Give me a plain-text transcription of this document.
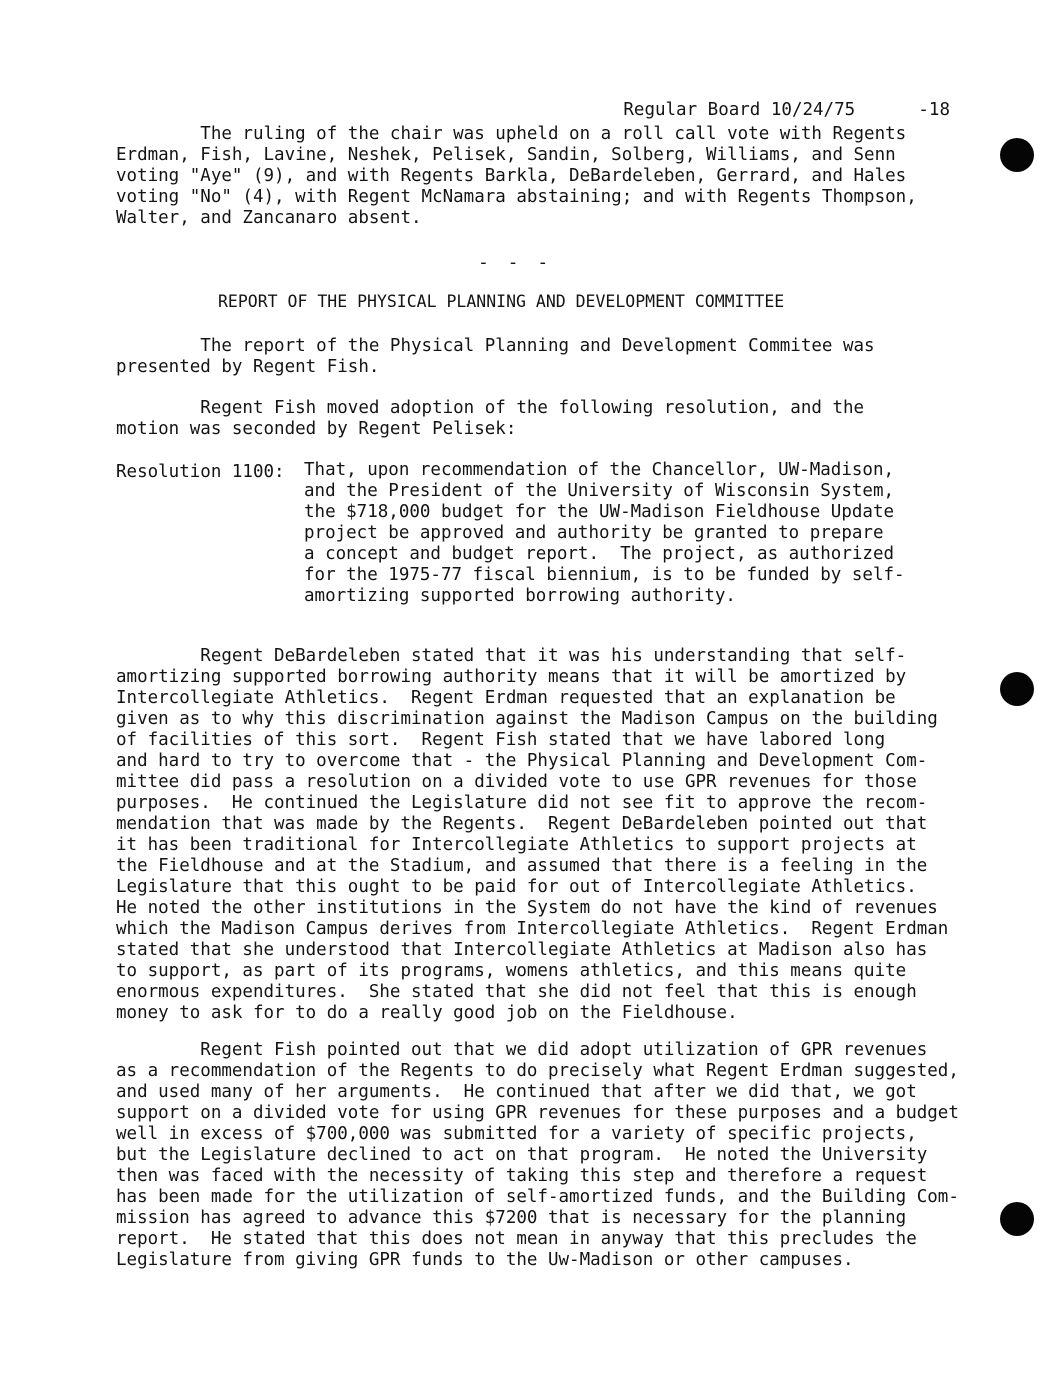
Regular Board 10/24/75	-18

The ruling of the chair was upheld on a roll call vote with Regents
Erdman, Fish, Lavine, Neshek, Pelisek, Sandin, Solberg, Williams, and Senn
voting "Aye" (9), and with Regents Barkla, DeBardeleben, Gerrard, and Hales
voting "No" (4), with Regent McNamara abstaining; and with Regents Thompson,
Walter, and Zancanaro absent.
- - -
REPORT OF THE PHYSICAL PLANNING AND DEVELOPMENT COMMITTEE
The report of the Physical Planning and Development Commitee was
presented by Regent Fish.
Regent Fish moved adoption of the following resolution, and the
motion was seconded by Regent Pelisek:
Resolution 1100: That, upon recommendation of the Chancellor, UW-Madison,
and the President of the University of Wisconsin System,
the $718,000 budget for the UW-Madison Fieldhouse Update
project be approved and authority be granted to prepare
a concept and budget report.  The project, as authorized
for the 1975-77 fiscal biennium, is to be funded by self-
amortizing supported borrowing authority.
Regent DeBardeleben stated that it was his understanding that self-
amortizing supported borrowing authority means that it will be amortized by
Intercollegiate Athletics.  Regent Erdman requested that an explanation be
given as to why this discrimination against the Madison Campus on the building
of facilities of this sort.  Regent Fish stated that we have labored long
and hard to try to overcome that - the Physical Planning and Development Com-
mittee did pass a resolution on a divided vote to use GPR revenues for those
purposes.  He continued the Legislature did not see fit to approve the recom-
mendation that was made by the Regents.  Regent DeBardeleben pointed out that
it has been traditional for Intercollegiate Athletics to support projects at
the Fieldhouse and at the Stadium, and assumed that there is a feeling in the
Legislature that this ought to be paid for out of Intercollegiate Athletics.
He noted the other institutions in the System do not have the kind of revenues
which the Madison Campus derives from Intercollegiate Athletics.  Regent Erdman
stated that she understood that Intercollegiate Athletics at Madison also has
to support, as part of its programs, womens athletics, and this means quite
enormous expenditures.  She stated that she did not feel that this is enough
money to ask for to do a really good job on the Fieldhouse.
Regent Fish pointed out that we did adopt utilization of GPR revenues
as a recommendation of the Regents to do precisely what Regent Erdman suggested,
and used many of her arguments.  He continued that after we did that, we got
support on a divided vote for using GPR revenues for these purposes and a budget
well in excess of $700,000 was submitted for a variety of specific projects,
but the Legislature declined to act on that program.  He noted the University
then was faced with the necessity of taking this step and therefore a request
has been made for the utilization of self-amortized funds, and the Building Com-
mission has agreed to advance this $7200 that is necessary for the planning
report.  He stated that this does not mean in anyway that this precludes the
Legislature from giving GPR funds to the Uw-Madison or other campuses.
